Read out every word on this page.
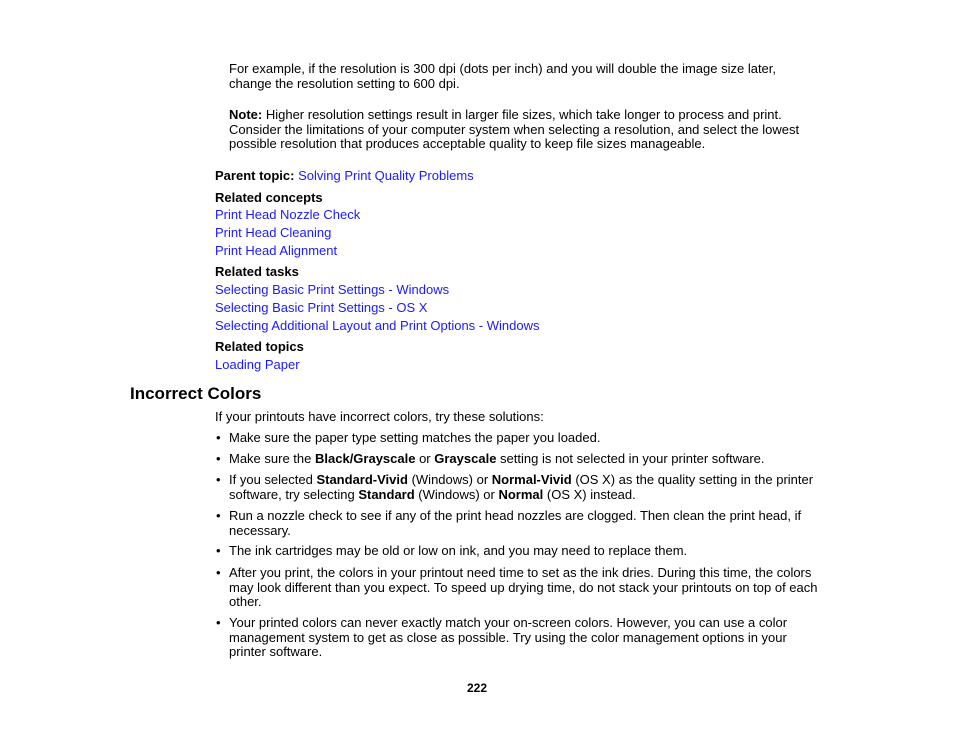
For example, if the resolution is 300 dpi (dots per inch) and you will double the image size later, change the resolution setting to 600 dpi.
Note: Higher resolution settings result in larger file sizes, which take longer to process and print. Consider the limitations of your computer system when selecting a resolution, and select the lowest possible resolution that produces acceptable quality to keep file sizes manageable.
Parent topic: Solving Print Quality Problems
Related concepts
Print Head Nozzle Check
Print Head Cleaning
Print Head Alignment
Related tasks
Selecting Basic Print Settings - Windows
Selecting Basic Print Settings - OS X
Selecting Additional Layout and Print Options - Windows
Related topics
Loading Paper
Incorrect Colors
If your printouts have incorrect colors, try these solutions:
• Make sure the paper type setting matches the paper you loaded.
• Make sure the Black/Grayscale or Grayscale setting is not selected in your printer software.
• If you selected Standard-Vivid (Windows) or Normal-Vivid (OS X) as the quality setting in the printer software, try selecting Standard (Windows) or Normal (OS X) instead.
• Run a nozzle check to see if any of the print head nozzles are clogged. Then clean the print head, if necessary.
• The ink cartridges may be old or low on ink, and you may need to replace them.
• After you print, the colors in your printout need time to set as the ink dries. During this time, the colors may look different than you expect. To speed up drying time, do not stack your printouts on top of each other.
• Your printed colors can never exactly match your on-screen colors. However, you can use a color management system to get as close as possible. Try using the color management options in your printer software.
222
